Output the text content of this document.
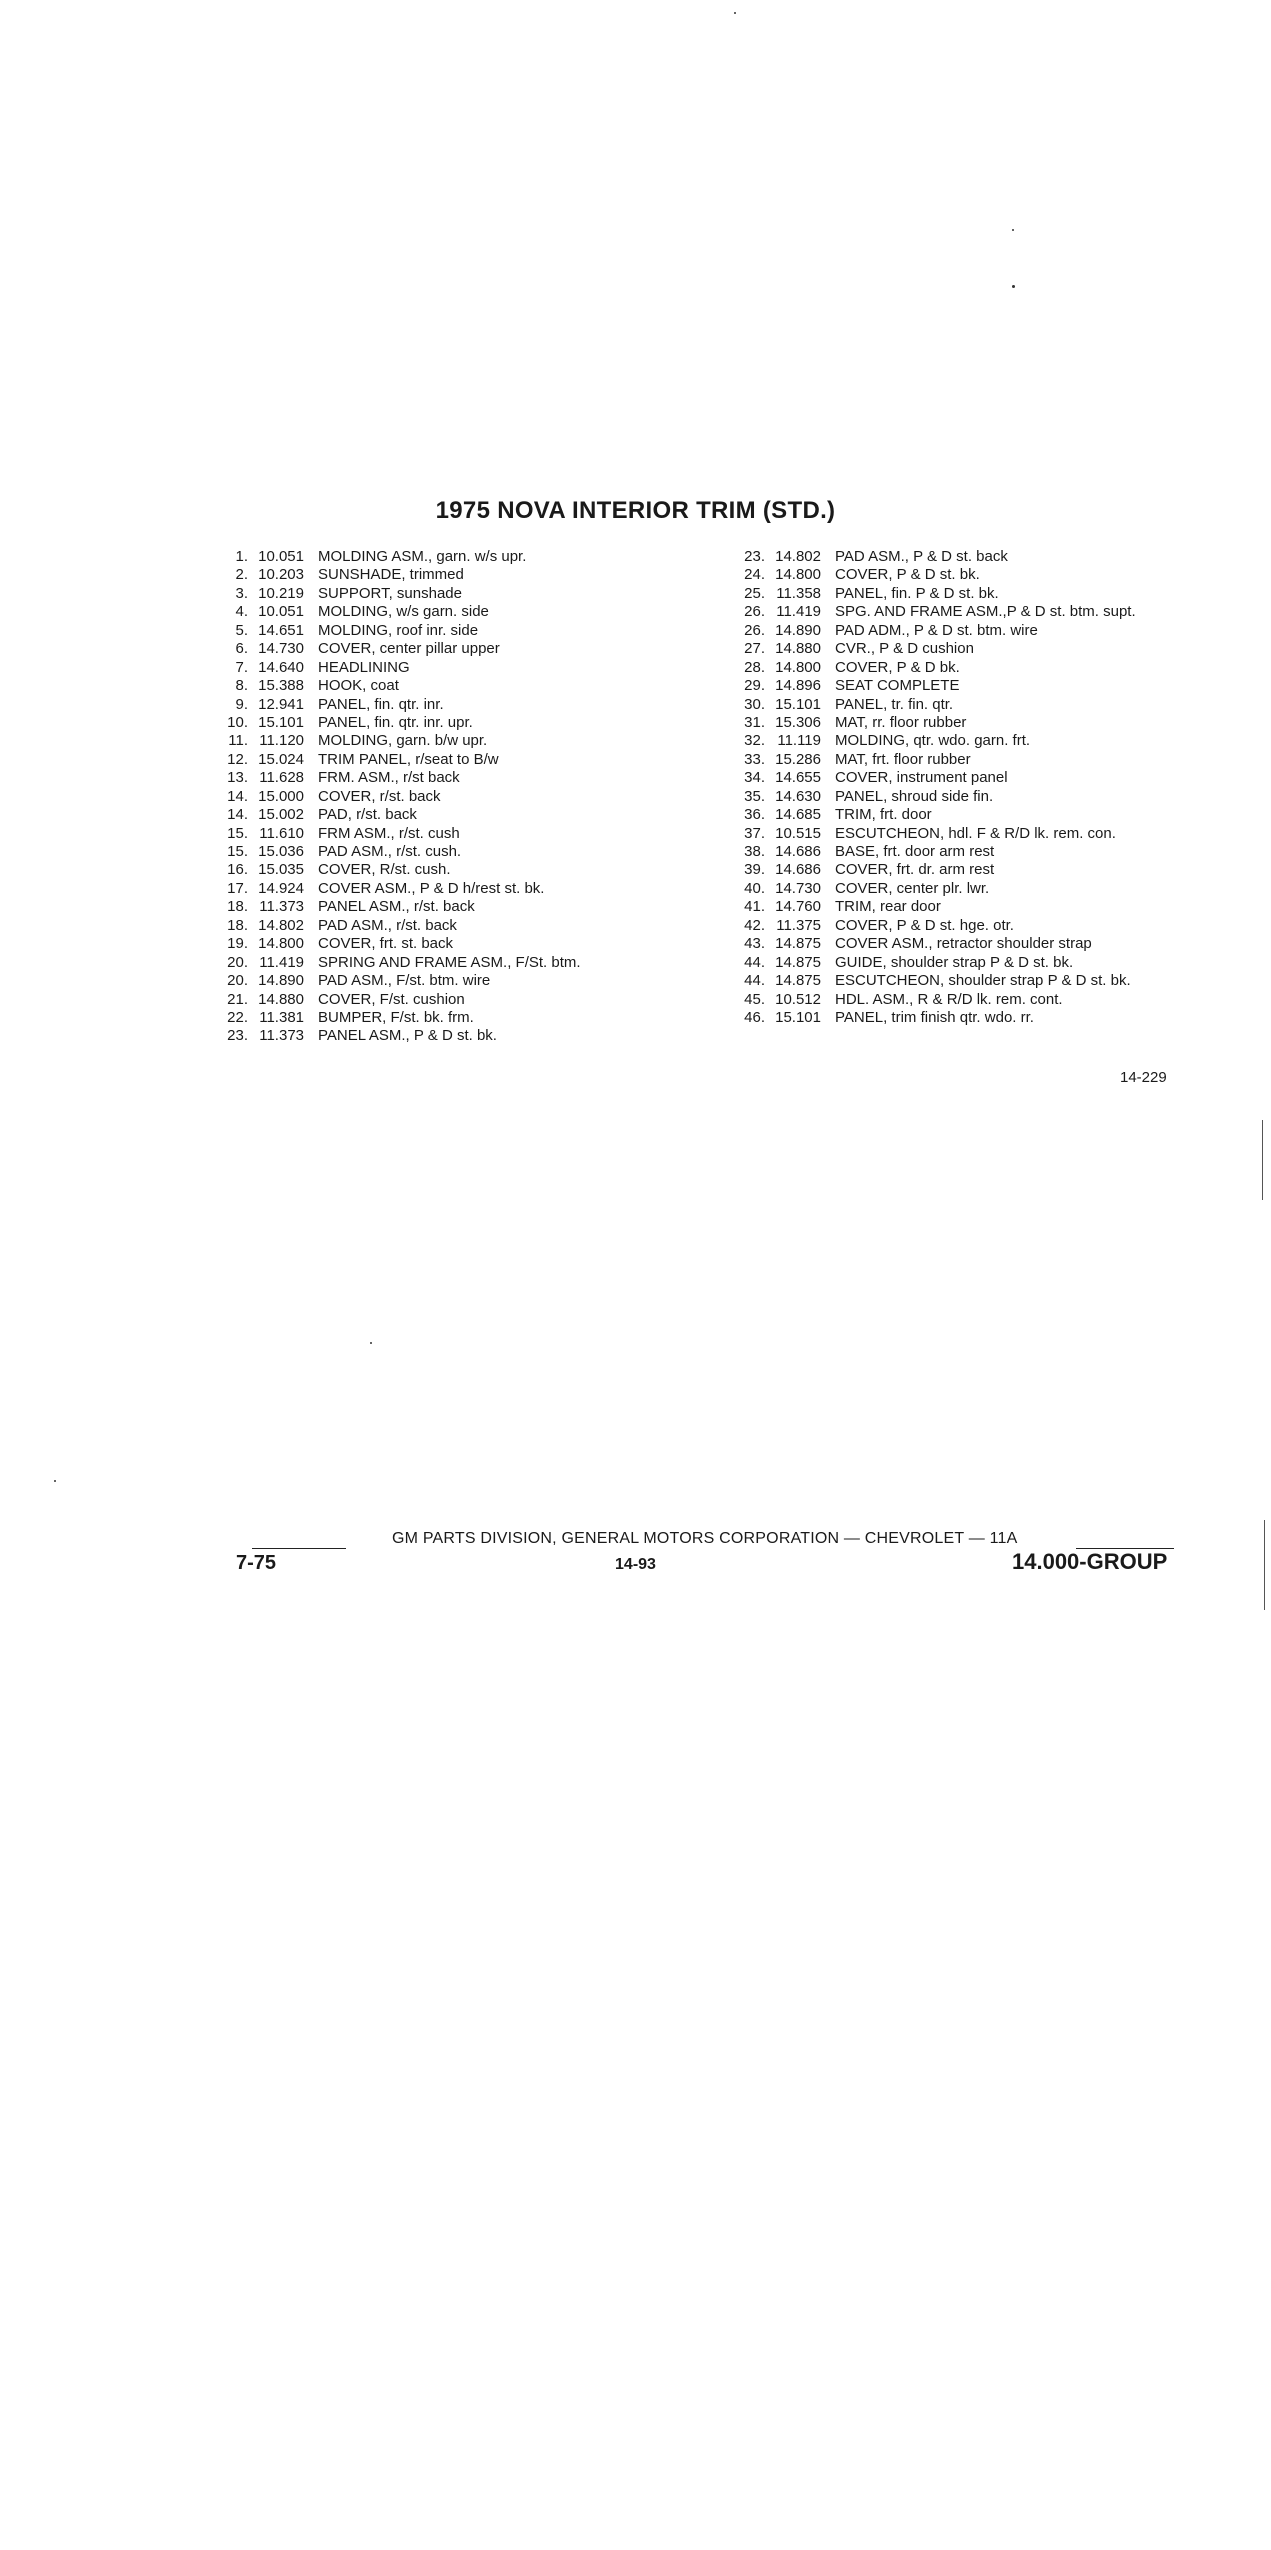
1975 NOVA INTERIOR TRIM (STD.)
1. 10.051 MOLDING ASM., garn. w/s upr.
2. 10.203 SUNSHADE, trimmed
3. 10.219 SUPPORT, sunshade
4. 10.051 MOLDING, w/s garn. side
5. 14.651 MOLDING, roof inr. side
6. 14.730 COVER, center pillar upper
7. 14.640 HEADLINING
8. 15.388 HOOK, coat
9. 12.941 PANEL, fin. qtr. inr.
10. 15.101 PANEL, fin. qtr. inr. upr.
11. 11.120 MOLDING, garn. b/w upr.
12. 15.024 TRIM PANEL, r/seat to B/w
13. 11.628 FRM. ASM., r/st back
14. 15.000 COVER, r/st. back
14. 15.002 PAD, r/st. back
15. 11.610 FRM ASM., r/st. cush
15. 15.036 PAD ASM., r/st. cush.
16. 15.035 COVER, R/st. cush.
17. 14.924 COVER ASM., P & D h/rest st. bk.
18. 11.373 PANEL ASM., r/st. back
18. 14.802 PAD ASM., r/st. back
19. 14.800 COVER, frt. st. back
20. 11.419 SPRING AND FRAME ASM., F/St. btm.
20. 14.890 PAD ASM., F/st. btm. wire
21. 14.880 COVER, F/st. cushion
22. 11.381 BUMPER, F/st. bk. frm.
23. 11.373 PANEL ASM., P & D st. bk.
23. 14.802 PAD ASM., P & D st. back
24. 14.800 COVER, P & D st. bk.
25. 11.358 PANEL, fin. P & D st. bk.
26. 11.419 SPG. AND FRAME ASM.,P & D st. btm. supt.
26. 14.890 PAD ADM., P & D st. btm. wire
27. 14.880 CVR., P & D cushion
28. 14.800 COVER, P & D bk.
29. 14.896 SEAT COMPLETE
30. 15.101 PANEL, tr. fin. qtr.
31. 15.306 MAT, rr. floor rubber
32. 11.119 MOLDING, qtr. wdo. garn. frt.
33. 15.286 MAT, frt. floor rubber
34. 14.655 COVER, instrument panel
35. 14.630 PANEL, shroud side fin.
36. 14.685 TRIM, frt. door
37. 10.515 ESCUTCHEON, hdl. F & R/D lk. rem. con.
38. 14.686 BASE, frt. door arm rest
39. 14.686 COVER, frt. dr. arm rest
40. 14.730 COVER, center plr. lwr.
41. 14.760 TRIM, rear door
42. 11.375 COVER, P & D st. hge. otr.
43. 14.875 COVER ASM., retractor shoulder strap
44. 14.875 GUIDE, shoulder strap P & D st. bk.
44. 14.875 ESCUTCHEON, shoulder strap P & D st. bk.
45. 10.512 HDL. ASM., R & R/D lk. rem. cont.
46. 15.101 PANEL, trim finish qtr. wdo. rr.
14-229
GM PARTS DIVISION, GENERAL MOTORS CORPORATION — CHEVROLET — 11A
7-75	14-93	14.000-GROUP
